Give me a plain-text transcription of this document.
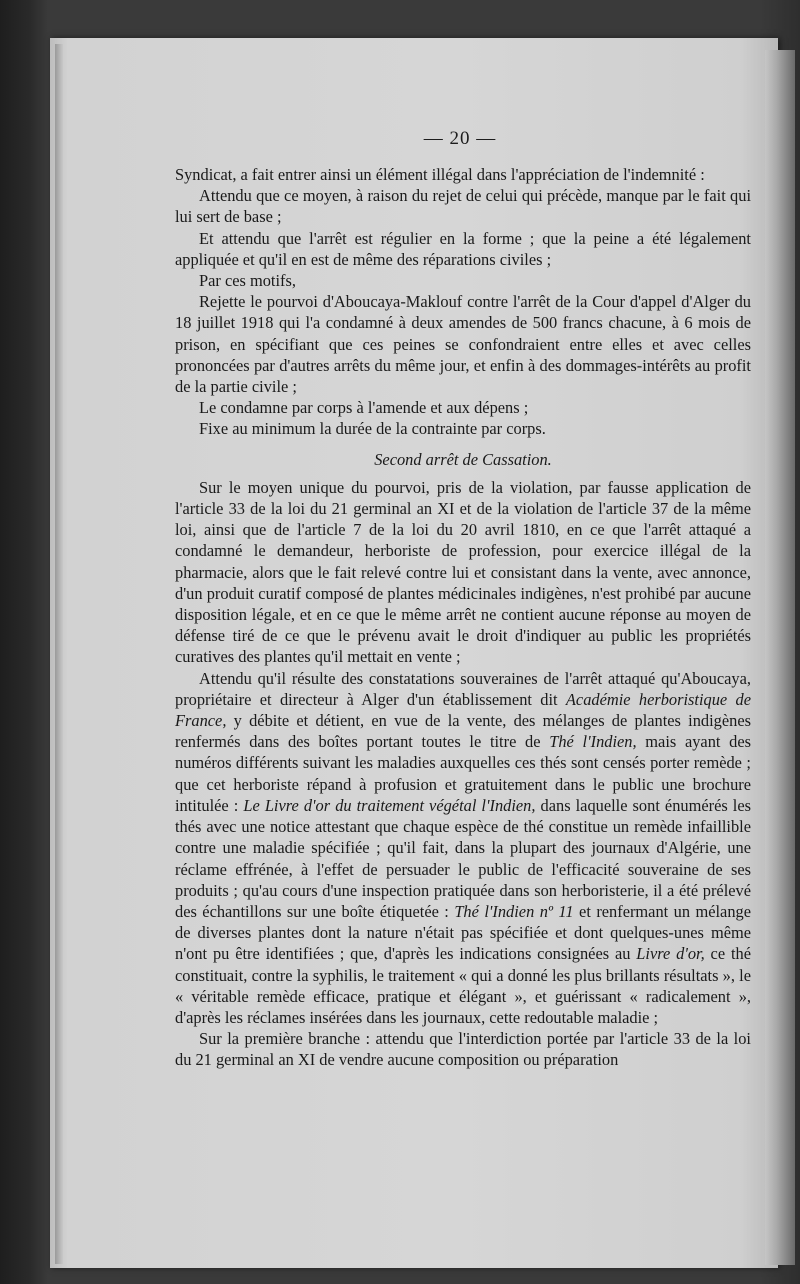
— 20 —

Syndicat, a fait entrer ainsi un élément illégal dans l'appréciation de l'indemnité :

Attendu que ce moyen, à raison du rejet de celui qui précède, manque par le fait qui lui sert de base ;

Et attendu que l'arrêt est régulier en la forme ; que la peine a été légalement appliquée et qu'il en est de même des réparations civiles ;

Par ces motifs,

Rejette le pourvoi d'Aboucaya-Maklouf contre l'arrêt de la Cour d'appel d'Alger du 18 juillet 1918 qui l'a condamné à deux amendes de 500 francs chacune, à 6 mois de prison, en spécifiant que ces peines se confondraient entre elles et avec celles prononcées par d'autres arrêts du même jour, et enfin à des dommages-intérêts au profit de la partie civile ;

Le condamne par corps à l'amende et aux dépens ;

Fixe au minimum la durée de la contrainte par corps.

Second arrêt de Cassation.

Sur le moyen unique du pourvoi, pris de la violation, par fausse application de l'article 33 de la loi du 21 germinal an XI et de la violation de l'article 37 de la même loi, ainsi que de l'article 7 de la loi du 20 avril 1810, en ce que l'arrêt attaqué a condamné le demandeur, herboriste de profession, pour exercice illégal de la pharmacie, alors que le fait relevé contre lui et consistant dans la vente, avec annonce, d'un produit curatif composé de plantes médicinales indigènes, n'est prohibé par aucune disposition légale, et en ce que le même arrêt ne contient aucune réponse au moyen de défense tiré de ce que le prévenu avait le droit d'indiquer au public les propriétés curatives des plantes qu'il mettait en vente ;

Attendu qu'il résulte des constatations souveraines de l'arrêt attaqué qu'Aboucaya, propriétaire et directeur à Alger d'un établissement dit Académie herboristique de France, y débite et détient, en vue de la vente, des mélanges de plantes indigènes renfermés dans des boîtes portant toutes le titre de Thé l'Indien, mais ayant des numéros différents suivant les maladies auxquelles ces thés sont censés porter remède ; que cet herboriste répand à profusion et gratuitement dans le public une brochure intitulée : Le Livre d'or du traitement végétal l'Indien, dans laquelle sont énumérés les thés avec une notice attestant que chaque espèce de thé constitue un remède infaillible contre une maladie spécifiée ; qu'il fait, dans la plupart des journaux d'Algérie, une réclame effrénée, à l'effet de persuader le public de l'efficacité souveraine de ses produits ; qu'au cours d'une inspection pratiquée dans son herboristerie, il a été prélevé des échantillons sur une boîte étiquetée : Thé l'Indien nº 11 et renfermant un mélange de diverses plantes dont la nature n'était pas spécifiée et dont quelques-unes même n'ont pu être identifiées ; que, d'après les indications consignées au Livre d'or, ce thé constituait, contre la syphilis, le traitement « qui a donné les plus brillants résultats », le « véritable remède efficace, pratique et élégant », et guérissant « radicalement », d'après les réclames insérées dans les journaux, cette redoutable maladie ;

Sur la première branche : attendu que l'interdiction portée par l'article 33 de la loi du 21 germinal an XI de vendre aucune composition ou préparation
